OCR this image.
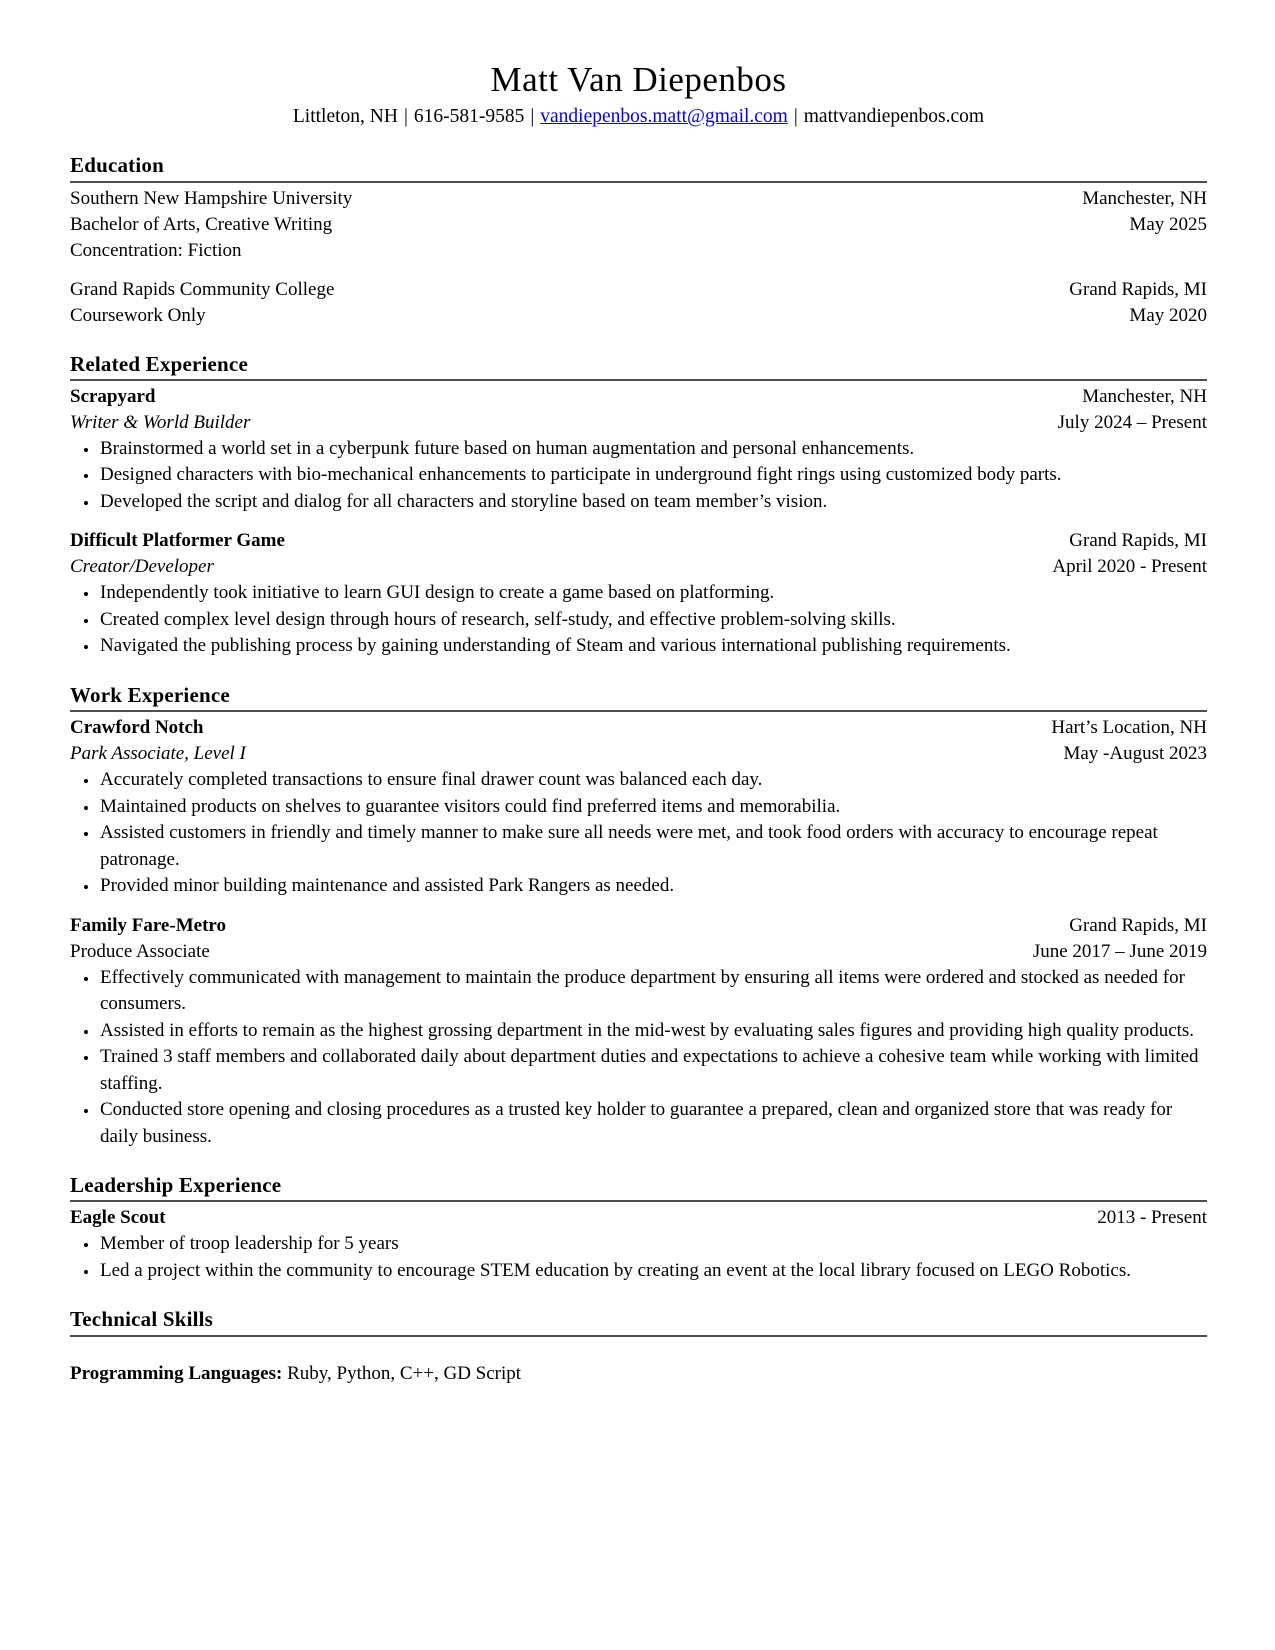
Matt Van Diepenbos
Littleton, NH | 616-581-9585 | vandiepenbos.matt@gmail.com | mattvandiepenbos.com
Education
Southern New Hampshire University	Manchester, NH
Bachelor of Arts, Creative Writing	May 2025
Concentration: Fiction
Grand Rapids Community College	Grand Rapids, MI
Coursework Only	May 2020
Related Experience
Scrapyard	Manchester, NH
Writer & World Builder	July 2024 – Present
• Brainstormed a world set in a cyberpunk future based on human augmentation and personal enhancements.
• Designed characters with bio-mechanical enhancements to participate in underground fight rings using customized body parts.
• Developed the script and dialog for all characters and storyline based on team member’s vision.
Difficult Platformer Game	Grand Rapids, MI
Creator/Developer	April 2020 - Present
• Independently took initiative to learn GUI design to create a game based on platforming.
• Created complex level design through hours of research, self-study, and effective problem-solving skills.
• Navigated the publishing process by gaining understanding of Steam and various international publishing requirements.
Work Experience
Crawford Notch	Hart’s Location, NH
Park Associate, Level I	May -August 2023
• Accurately completed transactions to ensure final drawer count was balanced each day.
• Maintained products on shelves to guarantee visitors could find preferred items and memorabilia.
• Assisted customers in friendly and timely manner to make sure all needs were met, and took food orders with accuracy to encourage repeat patronage.
• Provided minor building maintenance and assisted Park Rangers as needed.
Family Fare-Metro	Grand Rapids, MI
Produce Associate	June 2017 – June 2019
• Effectively communicated with management to maintain the produce department by ensuring all items were ordered and stocked as needed for consumers.
• Assisted in efforts to remain as the highest grossing department in the mid-west by evaluating sales figures and providing high quality products.
• Trained 3 staff members and collaborated daily about department duties and expectations to achieve a cohesive team while working with limited staffing.
• Conducted store opening and closing procedures as a trusted key holder to guarantee a prepared, clean and organized store that was ready for daily business.
Leadership Experience
Eagle Scout	2013 - Present
• Member of troop leadership for 5 years
• Led a project within the community to encourage STEM education by creating an event at the local library focused on LEGO Robotics.
Technical Skills
Programming Languages: Ruby, Python, C++, GD Script
